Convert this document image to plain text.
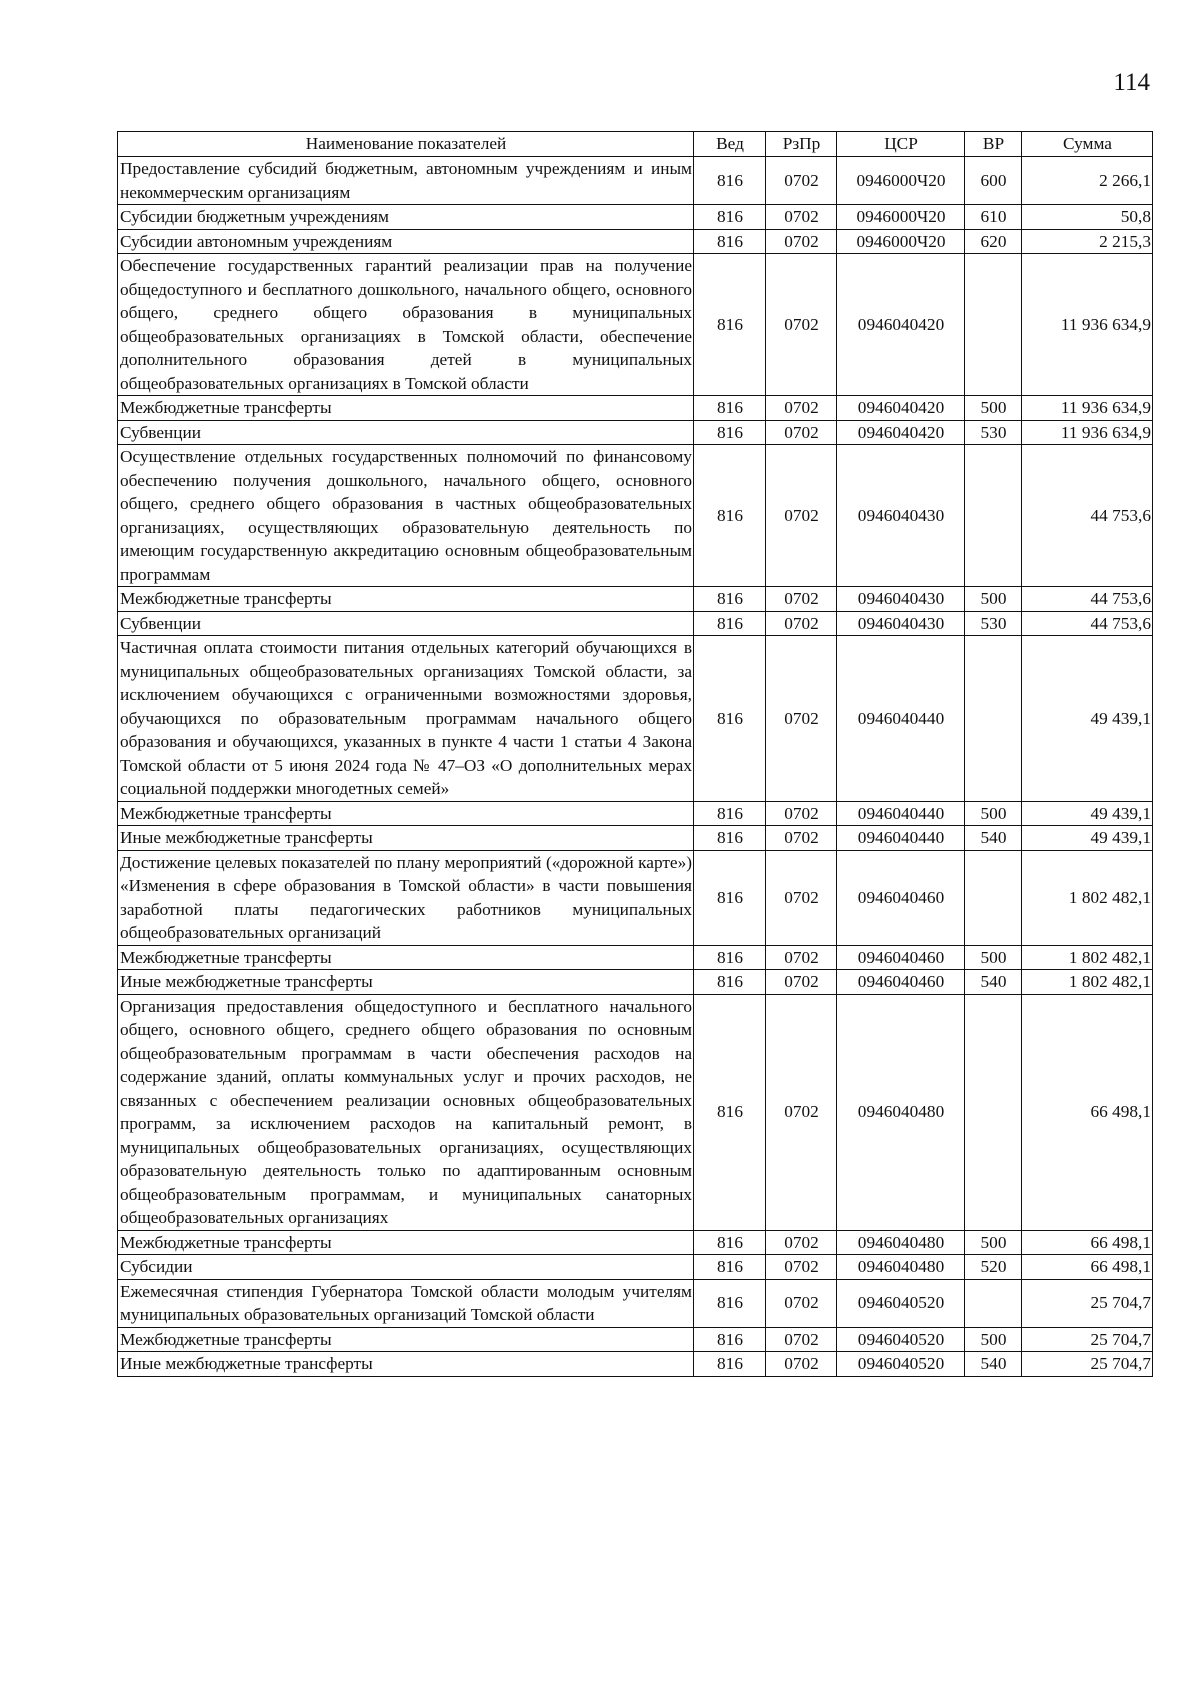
114
Наименование показателей	Вед	РзПр	ЦСР	ВР	Сумма
Предоставление субсидий бюджетным, автономным учреждениям и иным некоммерческим организациям	816	0702	0946000Ч20	600	2 266,1
Субсидии бюджетным учреждениям	816	0702	0946000Ч20	610	50,8
Субсидии автономным учреждениям	816	0702	0946000Ч20	620	2 215,3
Обеспечение государственных гарантий реализации прав на получение общедоступного и бесплатного дошкольного, начального общего, основного общего, среднего общего образования в муниципальных общеобразовательных организациях в Томской области, обеспечение дополнительного образования детей в муниципальных общеобразовательных организациях в Томской области	816	0702	0946040420		11 936 634,9
Межбюджетные трансферты	816	0702	0946040420	500	11 936 634,9
Субвенции	816	0702	0946040420	530	11 936 634,9
Осуществление отдельных государственных полномочий по финансовому обеспечению получения дошкольного, начального общего, основного общего, среднего общего образования в частных общеобразовательных организациях, осуществляющих образовательную деятельность по имеющим государственную аккредитацию основным общеобразовательным программам	816	0702	0946040430		44 753,6
Межбюджетные трансферты	816	0702	0946040430	500	44 753,6
Субвенции	816	0702	0946040430	530	44 753,6
Частичная оплата стоимости питания отдельных категорий обучающихся в муниципальных общеобразовательных организациях Томской области, за исключением обучающихся с ограниченными возможностями здоровья, обучающихся по образовательным программам начального общего образования и обучающихся, указанных в пункте 4 части 1 статьи 4 Закона Томской области от 5 июня 2024 года № 47–ОЗ «О дополнительных мерах социальной поддержки многодетных семей»	816	0702	0946040440		49 439,1
Межбюджетные трансферты	816	0702	0946040440	500	49 439,1
Иные межбюджетные трансферты	816	0702	0946040440	540	49 439,1
Достижение целевых показателей по плану мероприятий («дорожной карте») «Изменения в сфере образования в Томской области» в части повышения заработной платы педагогических работников муниципальных общеобразовательных организаций	816	0702	0946040460		1 802 482,1
Межбюджетные трансферты	816	0702	0946040460	500	1 802 482,1
Иные межбюджетные трансферты	816	0702	0946040460	540	1 802 482,1
Организация предоставления общедоступного и бесплатного начального общего, основного общего, среднего общего образования по основным общеобразовательным программам в части обеспечения расходов на содержание зданий, оплаты коммунальных услуг и прочих расходов, не связанных с обеспечением реализации основных общеобразовательных программ, за исключением расходов на капитальный ремонт, в муниципальных общеобразовательных организациях, осуществляющих образовательную деятельность только по адаптированным основным общеобразовательным программам, и муниципальных санаторных общеобразовательных организациях	816	0702	0946040480		66 498,1
Межбюджетные трансферты	816	0702	0946040480	500	66 498,1
Субсидии	816	0702	0946040480	520	66 498,1
Ежемесячная стипендия Губернатора Томской области молодым учителям муниципальных образовательных организаций Томской области	816	0702	0946040520		25 704,7
Межбюджетные трансферты	816	0702	0946040520	500	25 704,7
Иные межбюджетные трансферты	816	0702	0946040520	540	25 704,7
